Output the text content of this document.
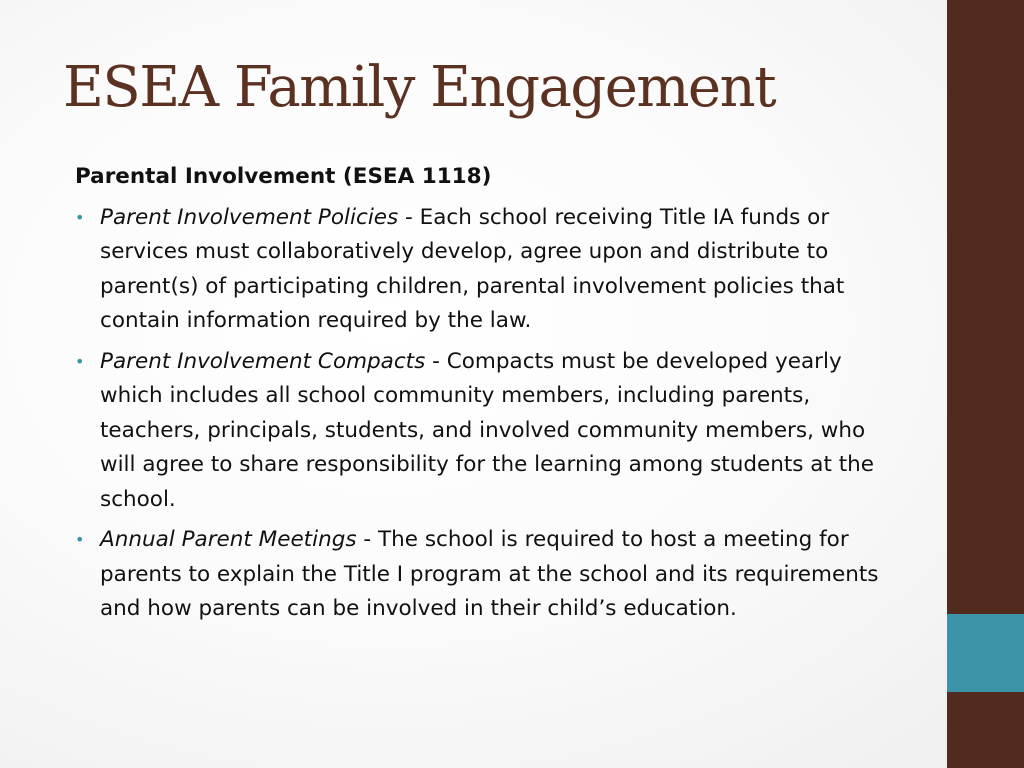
ESEA Family Engagement
Parental Involvement (ESEA 1118)
• Parent Involvement Policies - Each school receiving Title IA funds or services must collaboratively develop, agree upon and distribute to parent(s) of participating children, parental involvement policies that contain information required by the law.
• Parent Involvement Compacts - Compacts must be developed yearly which includes all school community members, including parents, teachers, principals, students, and involved community members, who will agree to share responsibility for the learning among students at the school.
• Annual Parent Meetings - The school is required to host a meeting for parents to explain the Title I program at the school and its requirements and how parents can be involved in their child’s education.
